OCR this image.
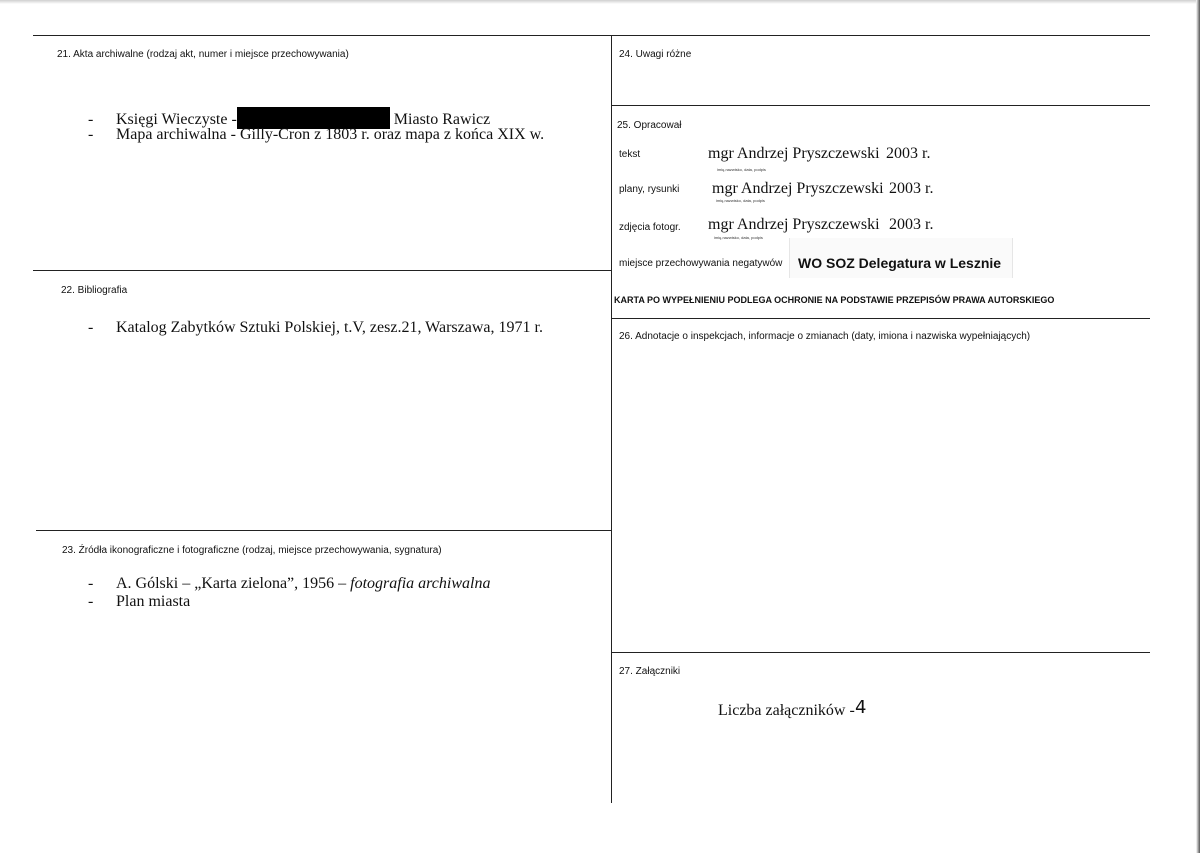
21. Akta archiwalne (rodzaj akt, numer i miejsce przechowywania)
- Księgi Wieczyste -	Miasto Rawicz
- Mapa archiwalna - Gilly-Cron z 1803 r. oraz mapa z końca XIX w.
22. Bibliografia
- Katalog Zabytków Sztuki Polskiej, t.V, zesz.21, Warszawa, 1971 r.
23. Źródła ikonograficzne i fotograficzne (rodzaj, miejsce przechowywania, sygnatura)
- A. Gólski – „Karta zielona”, 1956 – fotografia archiwalna
- Plan miasta
24. Uwagi różne
25. Opracował
tekst	mgr Andrzej Pryszczewski 2003 r.
imię,nazwisko, data, podpis
plany, rysunki mgr Andrzej Pryszczewski 2003 r.
imię,nazwisko, data, podpis
zdjęcia fotogr. mgr Andrzej Pryszczewski 2003 r.
imię,nazwisko, data, podpis
miejsce przechowywania negatywów WO SOZ Delegatura w Lesznie
KARTA PO WYPEŁNIENIU PODLEGA OCHRONIE NA PODSTAWIE PRZEPISÓW PRAWA AUTORSKIEGO
26. Adnotacje o inspekcjach, informacje o zmianach (daty, imiona i nazwiska wypełniających)
27. Załączniki
Liczba załączników - 4
